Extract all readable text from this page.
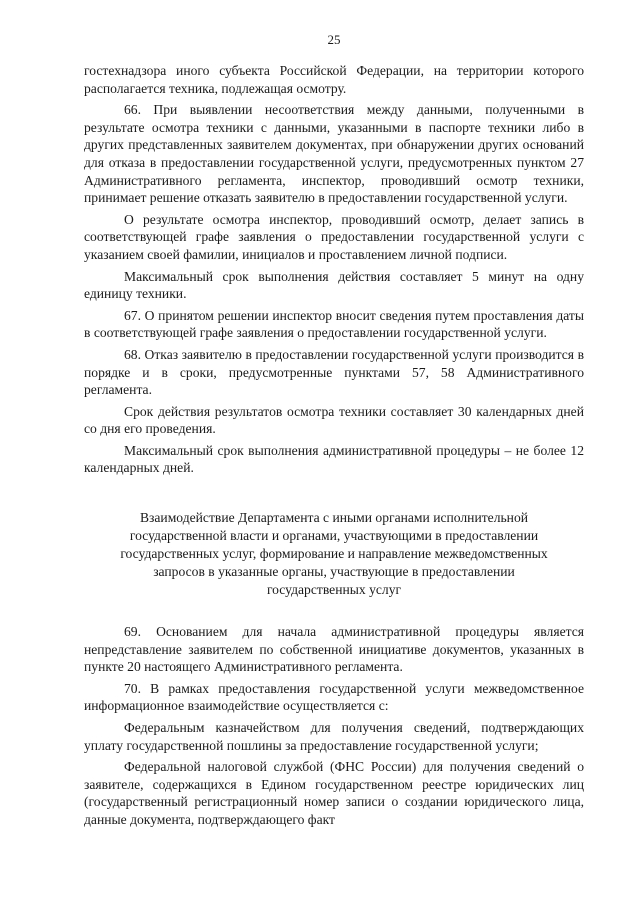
25

гостехнадзора иного субъекта Российской Федерации, на территории которого располагается техника, подлежащая осмотру.

66. При выявлении несоответствия между данными, полученными в результате осмотра техники с данными, указанными в паспорте техники либо в других представленных заявителем документах, при обнаружении других оснований для отказа в предоставлении государственной услуги, предусмотренных пунктом 27 Административного регламента, инспектор, проводивший осмотр техники, принимает решение отказать заявителю в предоставлении государственной услуги.

О результате осмотра инспектор, проводивший осмотр, делает запись в соответствующей графе заявления о предоставлении государственной услуги с указанием своей фамилии, инициалов и проставлением личной подписи.

Максимальный срок выполнения действия составляет 5 минут на одну единицу техники.

67. О принятом решении инспектор вносит сведения путем проставления даты в соответствующей графе заявления о предоставлении государственной услуги.

68. Отказ заявителю в предоставлении государственной услуги производится в порядке и в сроки, предусмотренные пунктами 57, 58 Административного регламента.

Срок действия результатов осмотра техники составляет 30 календарных дней со дня его проведения.

Максимальный срок выполнения административной процедуры – не более 12 календарных дней.

Взаимодействие Департамента с иными органами исполнительной
государственной власти и органами, участвующими в предоставлении
государственных услуг, формирование и направление межведомственных
запросов в указанные органы, участвующие в предоставлении
государственных услуг

69. Основанием для начала административной процедуры является непредставление заявителем по собственной инициативе документов, указанных в пункте 20 настоящего Административного регламента.

70. В рамках предоставления государственной услуги межведомственное информационное взаимодействие осуществляется с:

Федеральным казначейством для получения сведений, подтверждающих уплату государственной пошлины за предоставление государственной услуги;

Федеральной налоговой службой (ФНС России) для получения сведений о заявителе, содержащихся в Едином государственном реестре юридических лиц (государственный регистрационный номер записи о создании юридического лица, данные документа, подтверждающего факт
